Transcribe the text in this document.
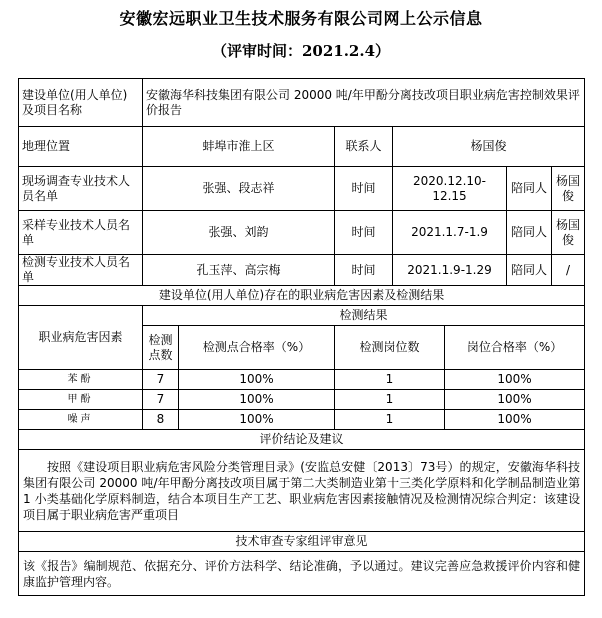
安徽宏远职业卫生技术服务有限公司网上公示信息
（评审时间：2021.2.4）
建设单位(用人单位)及项目名称	安徽海华科技集团有限公司 20000 吨/年甲酚分离技改项目职业病危害控制效果评价报告						
地理位置	蚌埠市淮上区		联系人	杨国俊			
现场调查专业技术人员名单	张强、段志祥		时间	2020.12.10-12.15		陪同人	杨国俊
采样专业技术人员名单	张强、刘韵		时间	2021.1.7-1.9		陪同人	杨国俊
检测专业技术人员名单	孔玉萍、高宗梅		时间	2021.1.9-1.29		陪同人	/
建设单位(用人单位)存在的职业病危害因素及检测结果							
职业病危害因素	检测结果						
	检测点数	检测点合格率（%）	检测岗位数		岗位合格率（%）		
苯酚	7	100%	1		100%		
甲酚	7	100%	1		100%		
噪声	8	100%	1		100%		
评价结论及建议							
按照《建设项目职业病危害风险分类管理目录》(安监总安健〔2013〕73号）的规定，安徽海华科技集团有限公司 20000 吨/年甲酚分离技改项目属于第二大类制造业第十三类化学原料和化学制品制造业第 1 小类基础化学原料制造，结合本项目生产工艺、职业病危害因素接触情况及检测情况综合判定：该建设项目属于职业病危害严重项目							
技术审查专家组评审意见							
该《报告》编制规范、依据充分、评价方法科学、结论准确，予以通过。建议完善应急救援评价内容和健康监护管理内容。							
